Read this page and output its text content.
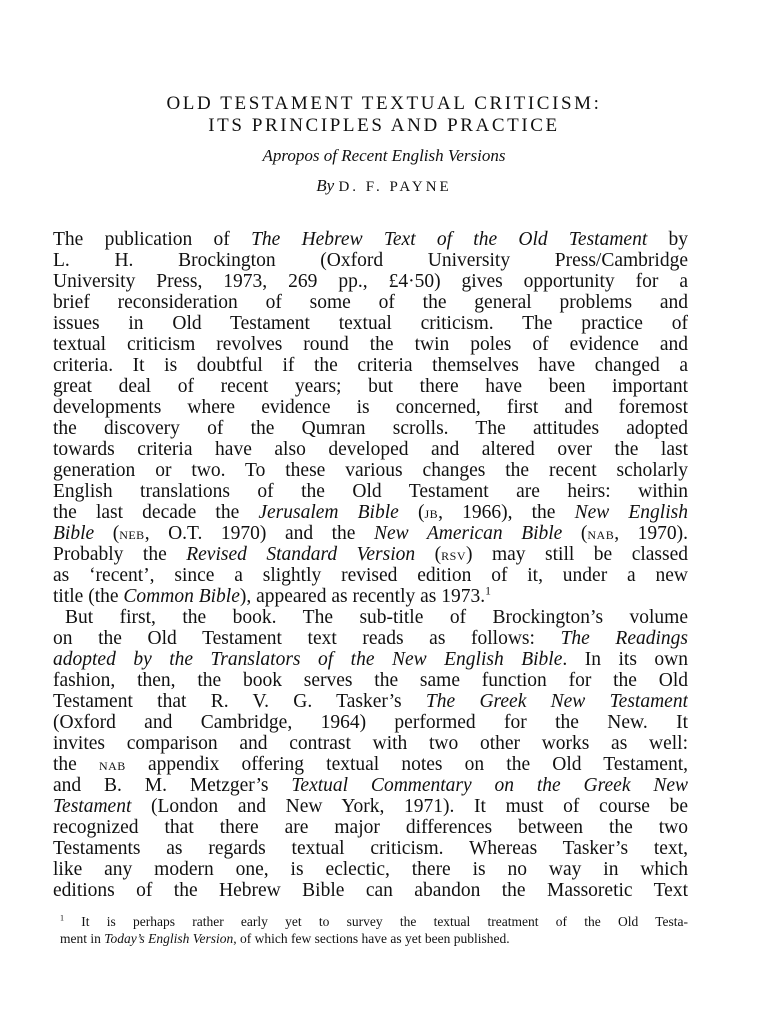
OLD TESTAMENT TEXTUAL CRITICISM:
ITS PRINCIPLES AND PRACTICE
Apropos of Recent English Versions
By D. F. PAYNE
The publication of The Hebrew Text of the Old Testament by
L. H. Brockington (Oxford University Press/Cambridge
University Press, 1973, 269 pp., £4·50) gives opportunity for a
brief reconsideration of some of the general problems and
issues in Old Testament textual criticism. The practice of
textual criticism revolves round the twin poles of evidence and
criteria. It is doubtful if the criteria themselves have changed a
great deal of recent years; but there have been important
developments where evidence is concerned, first and foremost
the discovery of the Qumran scrolls. The attitudes adopted
towards criteria have also developed and altered over the last
generation or two. To these various changes the recent scholarly
English translations of the Old Testament are heirs: within
the last decade the Jerusalem Bible (jb, 1966), the New English
Bible (neb, O.T. 1970) and the New American Bible (nab, 1970).
Probably the Revised Standard Version (rsv) may still be classed
as ‘recent’, since a slightly revised edition of it, under a new
title (the Common Bible), appeared as recently as 1973.$^1$
But first, the book. The sub-title of Brockington’s volume
on the Old Testament text reads as follows: The Readings
adopted by the Translators of the New English Bible. In its own
fashion, then, the book serves the same function for the Old
Testament that R. V. G. Tasker’s The Greek New Testament
(Oxford and Cambridge, 1964) performed for the New. It
invites comparison and contrast with two other works as well:
the nab appendix offering textual notes on the Old Testament,
and B. M. Metzger’s Textual Commentary on the Greek New
Testament (London and New York, 1971). It must of course be
recognized that there are major differences between the two
Testaments as regards textual criticism. Whereas Tasker’s text,
like any modern one, is eclectic, there is no way in which
editions of the Hebrew Bible can abandon the Massoretic Text
$^1$ It is perhaps rather early yet to survey the textual treatment of the Old Testa-
ment in Today’s English Version, of which few sections have as yet been published.
